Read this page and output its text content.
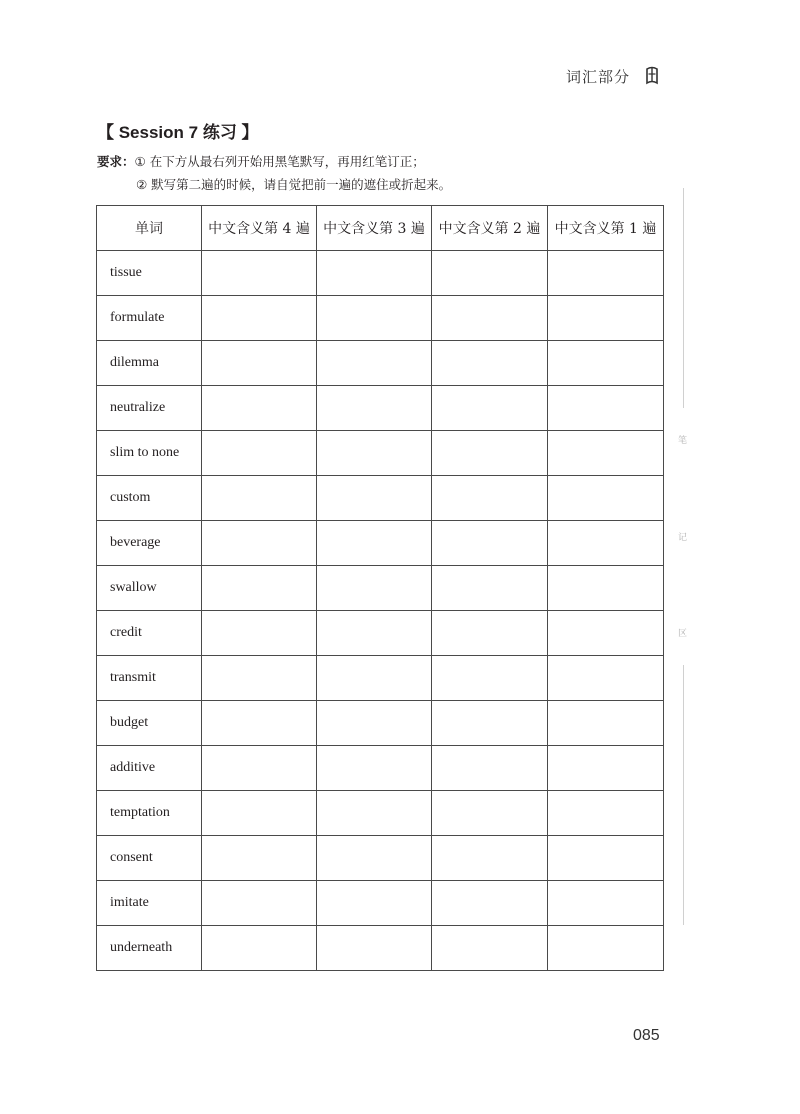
词汇部分
【 Session 7 练习 】
要求：① 在下方从最右列开始用黑笔默写，再用红笔订正；
② 默写第二遍的时候，请自觉把前一遍的遮住或折起来。
单词	中文含义第 4 遍	中文含义第 3 遍	中文含义第 2 遍	中文含义第 1 遍
tissue				
formulate				
dilemma				
neutralize				
slim to none				
custom				
beverage				
swallow				
credit				
transmit				
budget				
additive				
temptation				
consent				
imitate				
underneath				
笔
记
区
085
